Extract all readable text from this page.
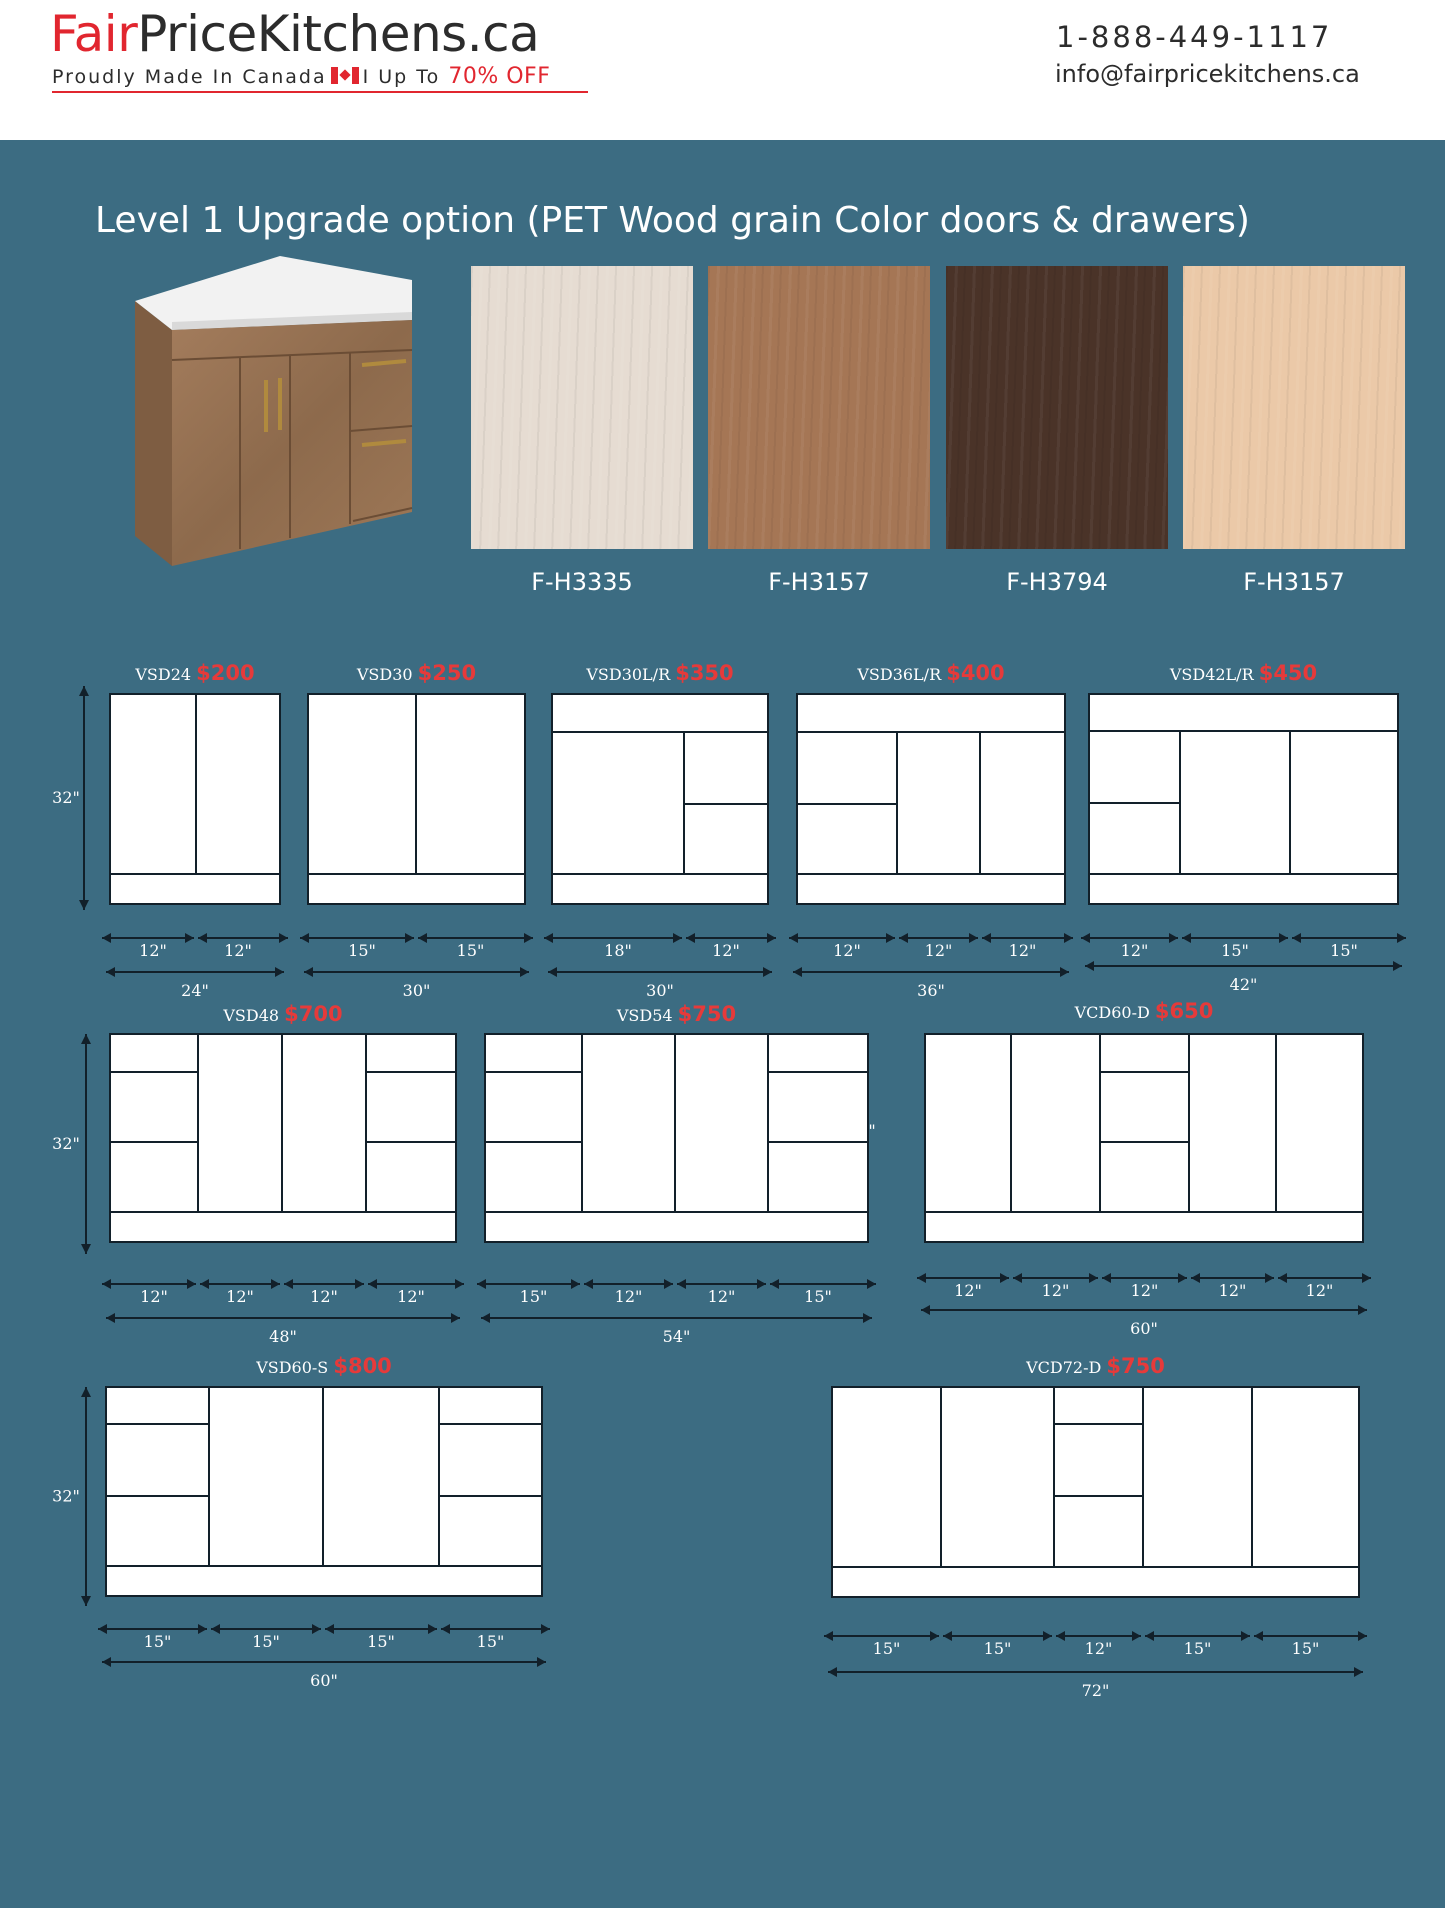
FairPriceKitchens.ca
Proudly Made In Canada I Up To 70% OFF
1-888-449-1117
info@fairpricekitchens.ca
Level 1 Upgrade option (PET Wood grain Color doors & drawers)
F-H3335	F-H3157	F-H3794	F-H3157
32"
32"
32"
VSD24 $200
12"	12"
24"
VSD30 $250
15"	15"
30"
VSD30L/R $350
18"	12"
30"
VSD36L/R $400
12"	12"	12"
36"
VSD42L/R $450
12"	15"	15"
42"
VSD48 $700
12"	12"	12"	12"
48"
VSD54 $750
15"	12"	12"	15"
54"
VCD60-D $650
12"	12"	12"	12"	12"
60"
VSD60-S $800
15"	15"	15"	15"
60"
VCD72-D $750
15"	15"	12"	15"	15"
72"
"
